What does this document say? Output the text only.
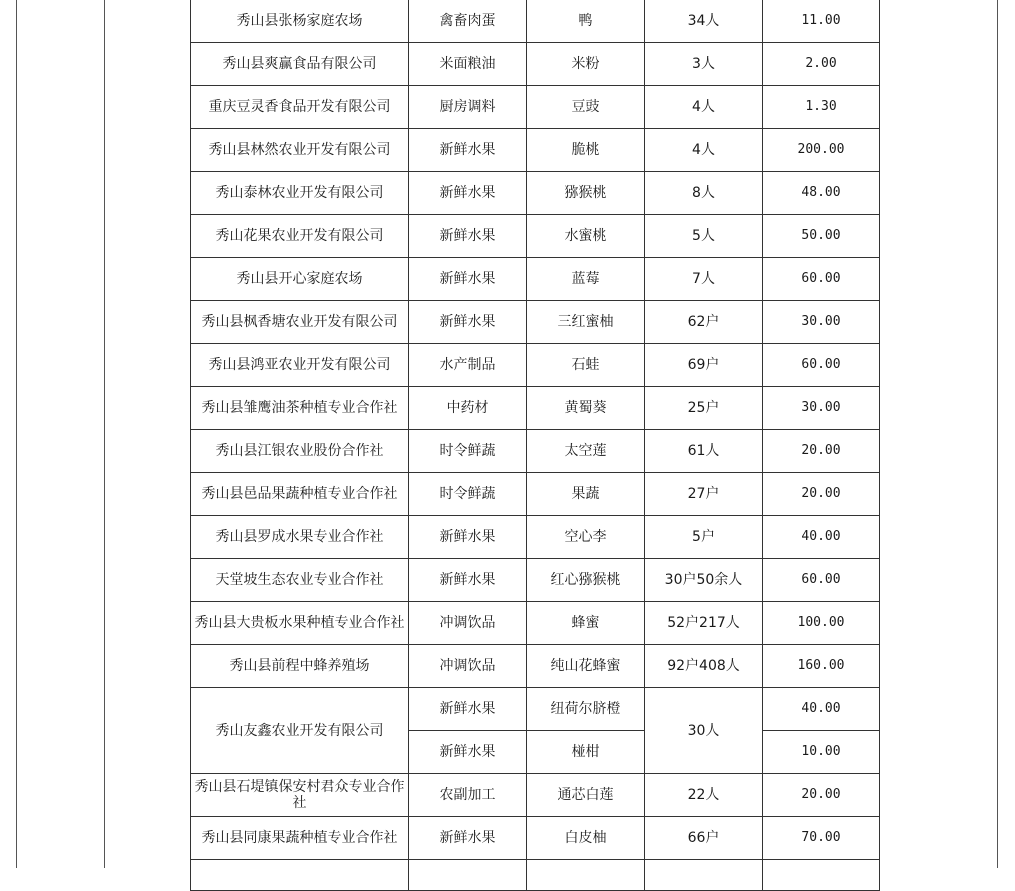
秀山县张杨家庭农场	禽畜肉蛋	鸭	34人	11.00
秀山县爽赢食品有限公司	米面粮油	米粉	3人	2.00
重庆豆灵香食品开发有限公司	厨房调料	豆豉	4人	1.30
秀山县林然农业开发有限公司	新鲜水果	脆桃	4人	200.00
秀山泰林农业开发有限公司	新鲜水果	猕猴桃	8人	48.00
秀山花果农业开发有限公司	新鲜水果	水蜜桃	5人	50.00
秀山县开心家庭农场	新鲜水果	蓝莓	7人	60.00
秀山县枫香塘农业开发有限公司	新鲜水果	三红蜜柚	62户	30.00
秀山县鸿亚农业开发有限公司	水产制品	石蛙	69户	60.00
秀山县雏鹰油茶种植专业合作社	中药材	黄蜀葵	25户	30.00
秀山县江银农业股份合作社	时令鲜蔬	太空莲	61人	20.00
秀山县邑品果蔬种植专业合作社	时令鲜蔬	果蔬	27户	20.00
秀山县罗成水果专业合作社	新鲜水果	空心李	5户	40.00
天堂坡生态农业专业合作社	新鲜水果	红心猕猴桃	30户50余人	60.00
秀山县大贵板水果种植专业合作社	冲调饮品	蜂蜜	52户217人	100.00
秀山县前程中蜂养殖场	冲调饮品	纯山花蜂蜜	92户408人	160.00
秀山友鑫农业开发有限公司	新鲜水果	纽荷尔脐橙	30人	40.00
	新鲜水果	椪柑		10.00
秀山县石堤镇保安村君众专业合作社	农副加工	通芯白莲	22人	20.00
秀山县同康果蔬种植专业合作社	新鲜水果	白皮柚	66户	70.00
